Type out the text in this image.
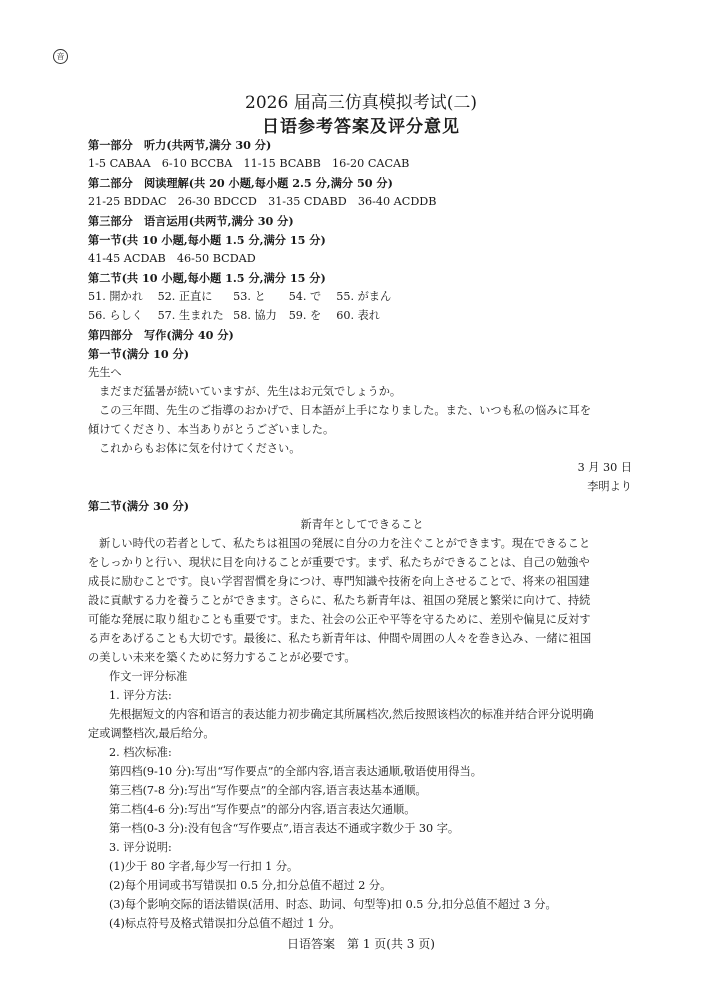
音
2026 届高三仿真模拟考试(二)
日语参考答案及评分意见
第一部分　听力(共两节,满分 30 分)
1-5 CABAA　6-10 BCCBA　11-15 BCABB　16-20 CACAB
第二部分　阅读理解(共 20 小题,每小题 2.5 分,满分 50 分)
21-25 BDDAC　26-30 BDCCD　31-35 CDABD　36-40 ACDDB
第三部分　语言运用(共两节,满分 30 分)
第一节(共 10 小题,每小题 1.5 分,满分 15 分)
41-45 ACDAB　46-50 BCDAD
第二节(共 10 小题,每小题 1.5 分,满分 15 分)
51. 開かれ 52. 正直に 53. と 54. で 55. がまん
56. らしく 57. 生まれた 58. 協力 59. を 60. 表れ
第四部分　写作(满分 40 分)
第一节(满分 10 分)
先生へ
まだまだ猛暑が続いていますが、先生はお元気でしょうか。
この三年間、先生のご指導のおかげで、日本語が上手になりました。また、いつも私の悩みに耳を
傾けてくださり、本当ありがとうございました。
これからもお体に気を付けてください。
3 月 30 日
李明より
第二节(满分 30 分)
新青年としてできること
新しい時代の若者として、私たちは祖国の発展に自分の力を注ぐことができます。現在できること
をしっかりと行い、現状に目を向けることが重要です。まず、私たちができることは、自己の勉強や
成長に励むことです。良い学習習慣を身につけ、専門知識や技術を向上させることで、将来の祖国建
設に貢献する力を養うことができます。さらに、私たち新青年は、祖国の発展と繁栄に向けて、持続
可能な発展に取り組むことも重要です。また、社会の公正や平等を守るために、差別や偏見に反対す
る声をあげることも大切です。最後に、私たち新青年は、仲間や周囲の人々を巻き込み、一緒に祖国
の美しい未来を築くために努力することが必要です。
作文一评分标准
1. 评分方法:
先根据短文的内容和语言的表达能力初步确定其所属档次,然后按照该档次的标准并结合评分说明确
定或调整档次,最后给分。
2. 档次标准:
第四档(9-10 分):写出“写作要点”的全部内容,语言表达通顺,敬语使用得当。
第三档(7-8 分):写出“写作要点”的全部内容,语言表达基本通顺。
第二档(4-6 分):写出“写作要点”的部分内容,语言表达欠通顺。
第一档(0-3 分):没有包含“写作要点”,语言表达不通或字数少于 30 字。
3. 评分说明:
(1)少于 80 字者,每少写一行扣 1 分。
(2)每个用词或书写错误扣 0.5 分,扣分总值不超过 2 分。
(3)每个影响交际的语法错误(活用、时态、助词、句型等)扣 0.5 分,扣分总值不超过 3 分。
(4)标点符号及格式错误扣分总值不超过 1 分。
日语答案　第 1 页(共 3 页)
